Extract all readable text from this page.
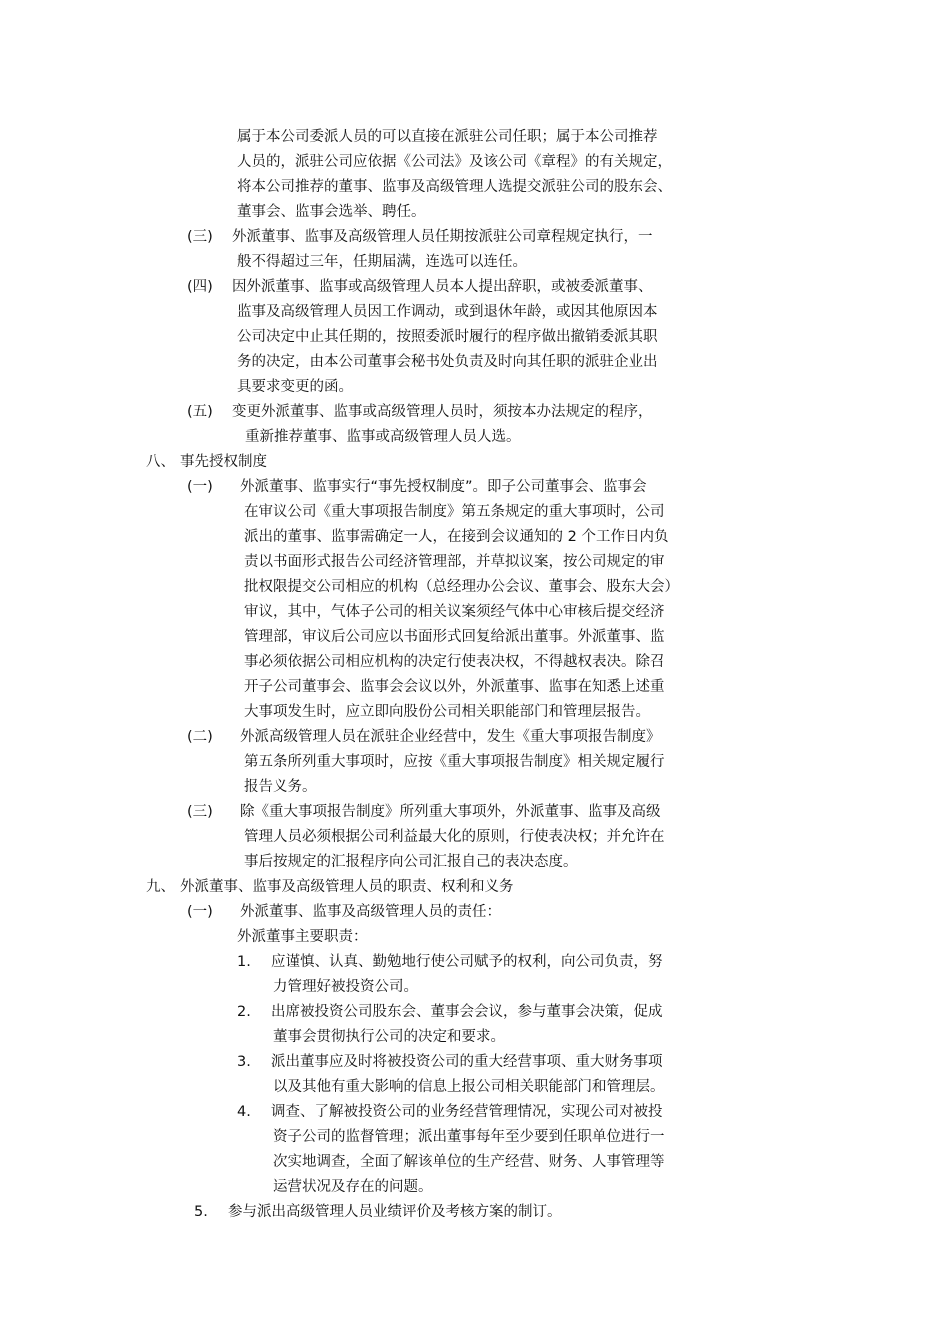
属于本公司委派人员的可以直接在派驻公司任职；属于本公司推荐
人员的，派驻公司应依据《公司法》及该公司《章程》的有关规定，
将本公司推荐的董事、监事及高级管理人选提交派驻公司的股东会、
董事会、监事会选举、聘任。
(三) 外派董事、监事及高级管理人员任期按派驻公司章程规定执行，一
般不得超过三年，任期届满，连选可以连任。
(四) 因外派董事、监事或高级管理人员本人提出辞职，或被委派董事、
监事及高级管理人员因工作调动，或到退休年龄，或因其他原因本
公司决定中止其任期的，按照委派时履行的程序做出撤销委派其职
务的决定，由本公司董事会秘书处负责及时向其任职的派驻企业出
具要求变更的函。
(五) 变更外派董事、监事或高级管理人员时，须按本办法规定的程序，
重新推荐董事、监事或高级管理人员人选。
八、 事先授权制度
(一) 外派董事、监事实行“事先授权制度”。即子公司董事会、监事会
在审议公司《重大事项报告制度》第五条规定的重大事项时，公司
派出的董事、监事需确定一人，在接到会议通知的 2 个工作日内负
责以书面形式报告公司经济管理部，并草拟议案，按公司规定的审
批权限提交公司相应的机构（总经理办公会议、董事会、股东大会）
审议，其中，气体子公司的相关议案须经气体中心审核后提交经济
管理部，审议后公司应以书面形式回复给派出董事。外派董事、监
事必须依据公司相应机构的决定行使表决权，不得越权表决。除召
开子公司董事会、监事会会议以外，外派董事、监事在知悉上述重
大事项发生时，应立即向股份公司相关职能部门和管理层报告。
(二) 外派高级管理人员在派驻企业经营中，发生《重大事项报告制度》
第五条所列重大事项时，应按《重大事项报告制度》相关规定履行
报告义务。
(三) 除《重大事项报告制度》所列重大事项外，外派董事、监事及高级
管理人员必须根据公司利益最大化的原则，行使表决权；并允许在
事后按规定的汇报程序向公司汇报自己的表决态度。
九、 外派董事、监事及高级管理人员的职责、权利和义务
(一) 外派董事、监事及高级管理人员的责任：
外派董事主要职责：
1. 应谨慎、认真、勤勉地行使公司赋予的权利，向公司负责，努
力管理好被投资公司。
2. 出席被投资公司股东会、董事会会议，参与董事会决策，促成
董事会贯彻执行公司的决定和要求。
3. 派出董事应及时将被投资公司的重大经营事项、重大财务事项
以及其他有重大影响的信息上报公司相关职能部门和管理层。
4. 调查、了解被投资公司的业务经营管理情况，实现公司对被投
资子公司的监督管理；派出董事每年至少要到任职单位进行一
次实地调查，全面了解该单位的生产经营、财务、人事管理等
运营状况及存在的问题。
5. 参与派出高级管理人员业绩评价及考核方案的制订。
